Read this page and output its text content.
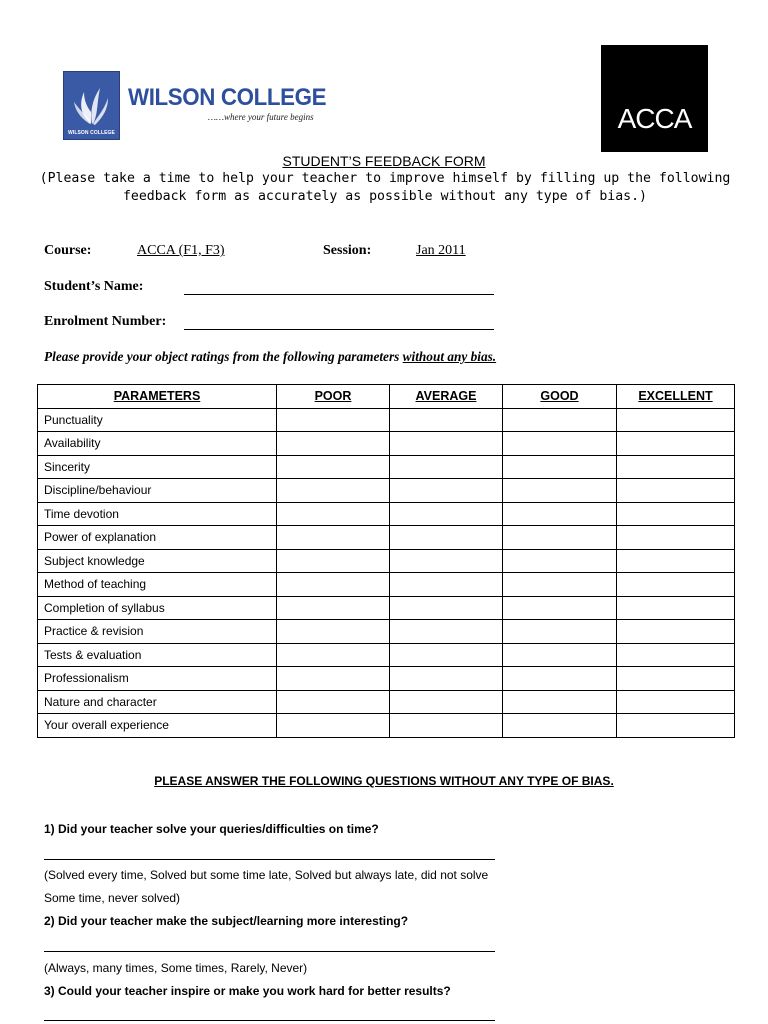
WILSON COLLEGE
WILSON COLLEGE
……where your future begins	ACCA
STUDENT’S FEEDBACK FORM
(Please take a time to help your teacher to improve himself by filling up the following feedback form as accurately as possible without any type of bias.)
Course:	ACCA (F1, F3)	Session:	Jan 2011
Student’s Name:
Enrolment Number:
Please provide your object ratings from the following parameters without any bias.
PARAMETERS	POOR	AVERAGE	GOOD	EXCELLENT
Punctuality				
Availability				
Sincerity				
Discipline/behaviour				
Time devotion				
Power of explanation				
Subject knowledge				
Method of teaching				
Completion of syllabus				
Practice & revision				
Tests & evaluation				
Professionalism				
Nature and character				
Your overall experience				
PLEASE ANSWER THE FOLLOWING QUESTIONS WITHOUT ANY TYPE OF BIAS.
1) Did your teacher solve your queries/difficulties on time?
(Solved every time, Solved but some time late, Solved but always late, did not solve
Some time, never solved)
2) Did your teacher make the subject/learning more interesting?
(Always, many times, Some times, Rarely, Never)
3) Could your teacher inspire or make you work hard for better results?
